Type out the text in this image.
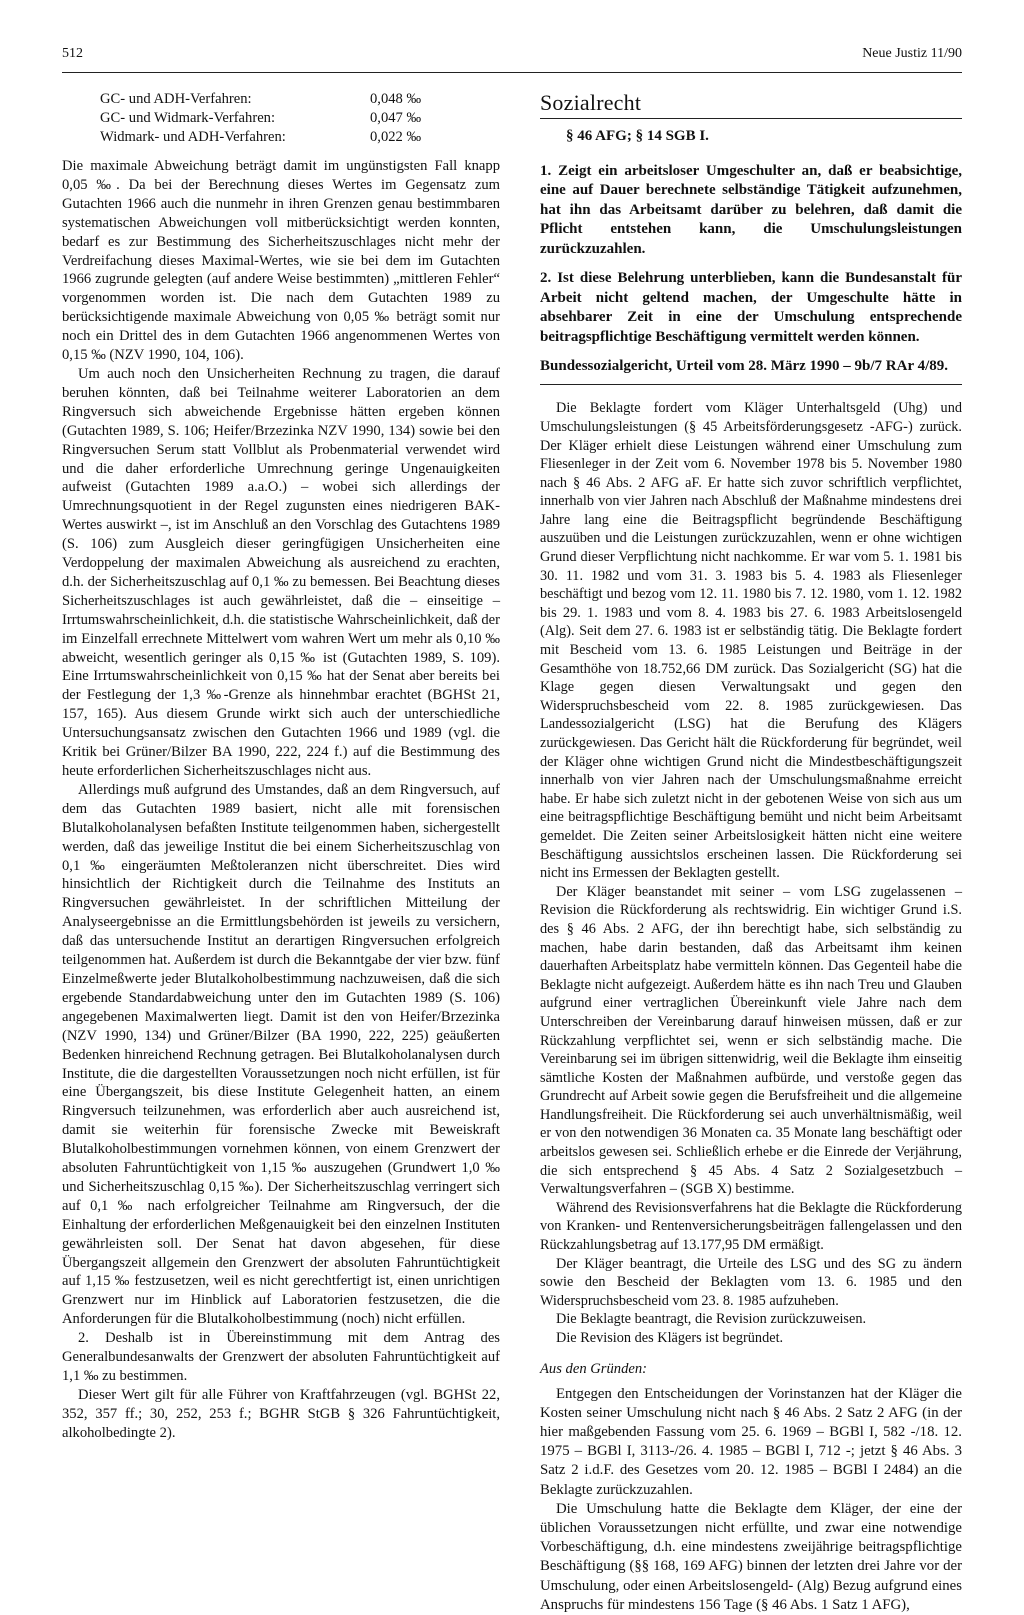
512	Neue Justiz 11/90
GC- und ADH-Verfahren:	0,048 ‰
GC- und Widmark-Verfahren:	0,047 ‰
Widmark- und ADH-Verfahren:	0,022 ‰

Die maximale Abweichung beträgt damit im ungünstigsten Fall knapp 0,05 ‰. Da bei der Berechnung dieses Wertes im Gegensatz zum Gutachten 1966 auch die nunmehr in ihren Grenzen genau bestimmbaren systematischen Abweichungen voll mitberücksichtigt werden konnten, bedarf es zur Bestimmung des Sicherheitszuschlages nicht mehr der Verdreifachung dieses Maximal-Wertes, wie sie bei dem im Gutachten 1966 zugrunde gelegten (auf andere Weise bestimmten) „mittleren Fehler“ vorgenommen worden ist. Die nach dem Gutachten 1989 zu berücksichtigende maximale Abweichung von 0,05 ‰ beträgt somit nur noch ein Drittel des in dem Gutachten 1966 angenommenen Wertes von 0,15 ‰ (NZV 1990, 104, 106).

Um auch noch den Unsicherheiten Rechnung zu tragen, die darauf beruhen könnten, daß bei Teilnahme weiterer Laboratorien an dem Ringversuch sich abweichende Ergebnisse hätten ergeben können (Gutachten 1989, S. 106; Heifer/Brzezinka NZV 1990, 134) sowie bei den Ringversuchen Serum statt Vollblut als Probenmaterial verwendet wird und die daher erforderliche Umrechnung geringe Ungenauigkeiten aufweist (Gutachten 1989 a.a.O.) – wobei sich allerdings der Umrechnungsquotient in der Regel zugunsten eines niedrigeren BAK-Wertes auswirkt –, ist im Anschluß an den Vorschlag des Gutachtens 1989 (S. 106) zum Ausgleich dieser geringfügigen Unsicherheiten eine Verdoppelung der maximalen Abweichung als ausreichend zu erachten, d.h. der Sicherheitszuschlag auf 0,1 ‰ zu bemessen. Bei Beachtung dieses Sicherheitszuschlages ist auch gewährleistet, daß die – einseitige – Irrtumswahrscheinlichkeit, d.h. die statistische Wahrscheinlichkeit, daß der im Einzelfall errechnete Mittelwert vom wahren Wert um mehr als 0,10 ‰ abweicht, wesentlich geringer als 0,15 ‰ ist (Gutachten 1989, S. 109). Eine Irrtumswahrscheinlichkeit von 0,15 ‰ hat der Senat aber bereits bei der Festlegung der 1,3 ‰-Grenze als hinnehmbar erachtet (BGHSt 21, 157, 165). Aus diesem Grunde wirkt sich auch der unterschiedliche Untersuchungsansatz zwischen den Gutachten 1966 und 1989 (vgl. die Kritik bei Grüner/Bilzer BA 1990, 222, 224 f.) auf die Bestimmung des heute erforderlichen Sicherheitszuschlages nicht aus.

Allerdings muß aufgrund des Umstandes, daß an dem Ringversuch, auf dem das Gutachten 1989 basiert, nicht alle mit forensischen Blutalkoholanalysen befaßten Institute teilgenommen haben, sichergestellt werden, daß das jeweilige Institut die bei einem Sicherheitszuschlag von 0,1 ‰ eingeräumten Meßtoleranzen nicht überschreitet. Dies wird hinsichtlich der Richtigkeit durch die Teilnahme des Instituts an Ringversuchen gewährleistet. In der schriftlichen Mitteilung der Analyseergebnisse an die Ermittlungsbehörden ist jeweils zu versichern, daß das untersuchende Institut an derartigen Ringversuchen erfolgreich teilgenommen hat. Außerdem ist durch die Bekanntgabe der vier bzw. fünf Einzelmeßwerte jeder Blutalkoholbestimmung nachzuweisen, daß die sich ergebende Standardabweichung unter den im Gutachten 1989 (S. 106) angegebenen Maximalwerten liegt. Damit ist den von Heifer/Brzezinka (NZV 1990, 134) und Grüner/Bilzer (BA 1990, 222, 225) geäußerten Bedenken hinreichend Rechnung getragen. Bei Blutalkoholanalysen durch Institute, die die dargestellten Voraussetzungen noch nicht erfüllen, ist für eine Übergangszeit, bis diese Institute Gelegenheit hatten, an einem Ringversuch teilzunehmen, was erforderlich aber auch ausreichend ist, damit sie weiterhin für forensische Zwecke mit Beweiskraft Blutalkoholbestimmungen vornehmen können, von einem Grenzwert der absoluten Fahruntüchtigkeit von 1,15 ‰ auszugehen (Grundwert 1,0 ‰ und Sicherheitszuschlag 0,15 ‰). Der Sicherheitszuschlag verringert sich auf 0,1 ‰ nach erfolgreicher Teilnahme am Ringversuch, der die Einhaltung der erforderlichen Meßgenauigkeit bei den einzelnen Instituten gewährleisten soll. Der Senat hat davon abgesehen, für diese Übergangszeit allgemein den Grenzwert der absoluten Fahruntüchtigkeit auf 1,15 ‰ festzusetzen, weil es nicht gerechtfertigt ist, einen unrichtigen Grenzwert nur im Hinblick auf Laboratorien festzusetzen, die die Anforderungen für die Blutalkoholbestimmung (noch) nicht erfüllen.

2. Deshalb ist in Übereinstimmung mit dem Antrag des Generalbundesanwalts der Grenzwert der absoluten Fahruntüchtigkeit auf 1,1 ‰ zu bestimmen.

Dieser Wert gilt für alle Führer von Kraftfahrzeugen (vgl. BGHSt 22, 352, 357 ff.; 30, 252, 253 f.; BGHR StGB § 326 Fahruntüchtigkeit, alkoholbedingte 2).

Sozialrecht
§ 46 AFG; § 14 SGB I.

1. Zeigt ein arbeitsloser Umgeschulter an, daß er beabsichtige, eine auf Dauer berechnete selbständige Tätigkeit aufzunehmen, hat ihn das Arbeitsamt darüber zu belehren, daß damit die Pflicht entstehen kann, die Umschulungsleistungen zurückzuzahlen.

2. Ist diese Belehrung unterblieben, kann die Bundesanstalt für Arbeit nicht geltend machen, der Umgeschulte hätte in absehbarer Zeit in eine der Umschulung entsprechende beitragspflichtige Beschäftigung vermittelt werden können.

Bundessozialgericht, Urteil vom 28. März 1990 – 9b/7 RAr 4/89.

Die Beklagte fordert vom Kläger Unterhaltsgeld (Uhg) und Umschulungsleistungen (§ 45 Arbeitsförderungsgesetz -AFG-) zurück. Der Kläger erhielt diese Leistungen während einer Umschulung zum Fliesenleger in der Zeit vom 6. November 1978 bis 5. November 1980 nach § 46 Abs. 2 AFG aF. Er hatte sich zuvor schriftlich verpflichtet, innerhalb von vier Jahren nach Abschluß der Maßnahme mindestens drei Jahre lang eine die Beitragspflicht begründende Beschäftigung auszuüben und die Leistungen zurückzuzahlen, wenn er ohne wichtigen Grund dieser Verpflichtung nicht nachkomme. Er war vom 5. 1. 1981 bis 30. 11. 1982 und vom 31. 3. 1983 bis 5. 4. 1983 als Fliesenleger beschäftigt und bezog vom 12. 11. 1980 bis 7. 12. 1980, vom 1. 12. 1982 bis 29. 1. 1983 und vom 8. 4. 1983 bis 27. 6. 1983 Arbeitslosengeld (Alg). Seit dem 27. 6. 1983 ist er selbständig tätig. Die Beklagte fordert mit Bescheid vom 13. 6. 1985 Leistungen und Beiträge in der Gesamthöhe von 18.752,66 DM zurück. Das Sozialgericht (SG) hat die Klage gegen diesen Verwaltungsakt und gegen den Widerspruchsbescheid vom 22. 8. 1985 zurückgewiesen. Das Landessozialgericht (LSG) hat die Berufung des Klägers zurückgewiesen. Das Gericht hält die Rückforderung für begründet, weil der Kläger ohne wichtigen Grund nicht die Mindestbeschäftigungszeit innerhalb von vier Jahren nach der Umschulungsmaßnahme erreicht habe. Er habe sich zuletzt nicht in der gebotenen Weise von sich aus um eine beitragspflichtige Beschäftigung bemüht und nicht beim Arbeitsamt gemeldet. Die Zeiten seiner Arbeitslosigkeit hätten nicht eine weitere Beschäftigung aussichtslos erscheinen lassen. Die Rückforderung sei nicht ins Ermessen der Beklagten gestellt.

Der Kläger beanstandet mit seiner – vom LSG zugelassenen – Revision die Rückforderung als rechtswidrig. Ein wichtiger Grund i.S. des § 46 Abs. 2 AFG, der ihn berechtigt habe, sich selbständig zu machen, habe darin bestanden, daß das Arbeitsamt ihm keinen dauerhaften Arbeitsplatz habe vermitteln können. Das Gegenteil habe die Beklagte nicht aufgezeigt. Außerdem hätte es ihn nach Treu und Glauben aufgrund einer vertraglichen Übereinkunft viele Jahre nach dem Unterschreiben der Vereinbarung darauf hinweisen müssen, daß er zur Rückzahlung verpflichtet sei, wenn er sich selbständig mache. Die Vereinbarung sei im übrigen sittenwidrig, weil die Beklagte ihm einseitig sämtliche Kosten der Maßnahmen aufbürde, und verstoße gegen das Grundrecht auf Arbeit sowie gegen die Berufsfreiheit und die allgemeine Handlungsfreiheit. Die Rückforderung sei auch unverhältnismäßig, weil er von den notwendigen 36 Monaten ca. 35 Monate lang beschäftigt oder arbeitslos gewesen sei. Schließlich erhebe er die Einrede der Verjährung, die sich entsprechend § 45 Abs. 4 Satz 2 Sozialgesetzbuch – Verwaltungsverfahren – (SGB X) bestimme.

Während des Revisionsverfahrens hat die Beklagte die Rückforderung von Kranken- und Rentenversicherungsbeiträgen fallengelassen und den Rückzahlungsbetrag auf 13.177,95 DM ermäßigt.

Der Kläger beantragt, die Urteile des LSG und des SG zu ändern sowie den Bescheid der Beklagten vom 13. 6. 1985 und den Widerspruchsbescheid vom 23. 8. 1985 aufzuheben.

Die Beklagte beantragt, die Revision zurückzuweisen.

Die Revision des Klägers ist begründet.

Aus den Gründen:

Entgegen den Entscheidungen der Vorinstanzen hat der Kläger die Kosten seiner Umschulung nicht nach § 46 Abs. 2 Satz 2 AFG (in der hier maßgebenden Fassung vom 25. 6. 1969 – BGBl I, 582 -/18. 12. 1975 – BGBl I, 3113-/26. 4. 1985 – BGBl I, 712 -; jetzt § 46 Abs. 3 Satz 2 i.d.F. des Gesetzes vom 20. 12. 1985 – BGBl I 2484) an die Beklagte zurückzuzahlen.

Die Umschulung hatte die Beklagte dem Kläger, der eine der üblichen Voraussetzungen nicht erfüllte, und zwar eine notwendige Vorbeschäftigung, d.h. eine mindestens zweijährige beitragspflichtige Beschäftigung (§§ 168, 169 AFG) binnen der letzten drei Jahre vor der Umschulung, oder einen Arbeitslosengeld- (Alg) Bezug aufgrund eines Anspruchs für mindestens 156 Tage (§ 46 Abs. 1 Satz 1 AFG),
